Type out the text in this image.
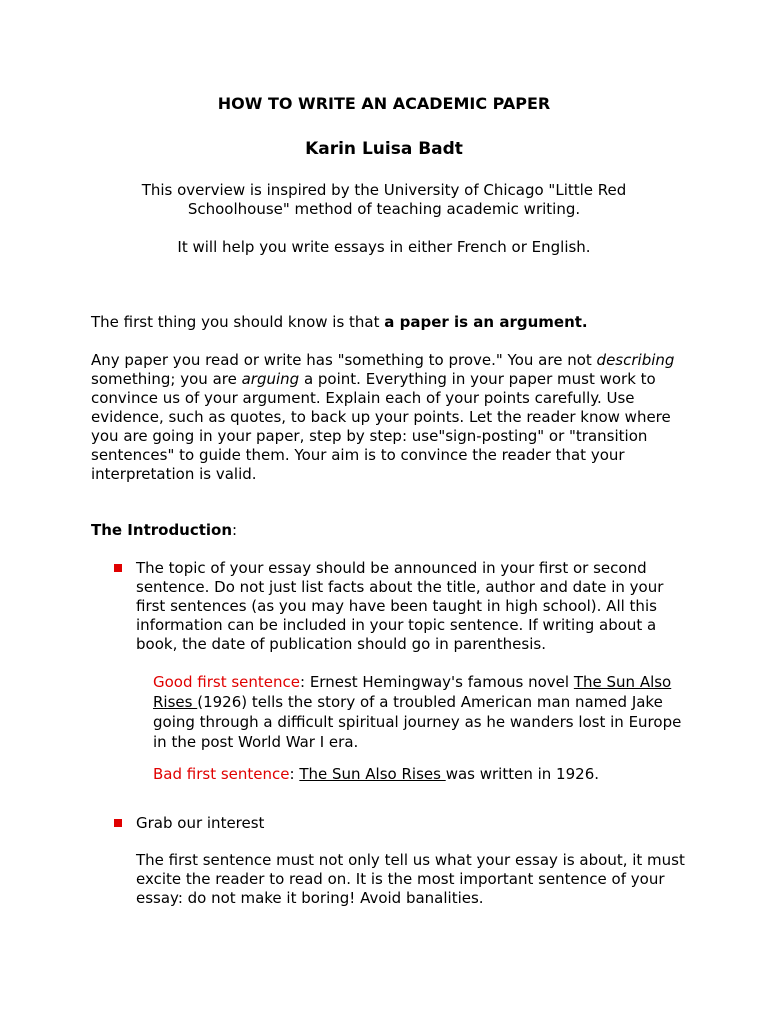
HOW TO WRITE AN ACADEMIC PAPER
Karin Luisa Badt
This overview is inspired by the University of Chicago "Little Red
Schoolhouse" method of teaching academic writing.
It will help you write essays in either French or English.
The first thing you should know is that a paper is an argument.
Any paper you read or write has "something to prove." You are not describing something; you are arguing a point. Everything in your paper must work to convince us of your argument. Explain each of your points carefully. Use evidence, such as quotes, to back up your points. Let the reader know where you are going in your paper, step by step: use"sign-posting" or "transition sentences" to guide them. Your aim is to convince the reader that your interpretation is valid.
The Introduction:
The topic of your essay should be announced in your first or second sentence. Do not just list facts about the title, author and date in your first sentences (as you may have been taught in high school). All this information can be included in your topic sentence. If writing about a book, the date of publication should go in parenthesis.
Good first sentence: Ernest Hemingway's famous novel The Sun Also Rises (1926) tells the story of a troubled American man named Jake going through a difficult spiritual journey as he wanders lost in Europe in the post World War I era.
Bad first sentence: The Sun Also Rises was written in 1926.
Grab our interest
The first sentence must not only tell us what your essay is about, it must excite the reader to read on. It is the most important sentence of your essay: do not make it boring! Avoid banalities.
